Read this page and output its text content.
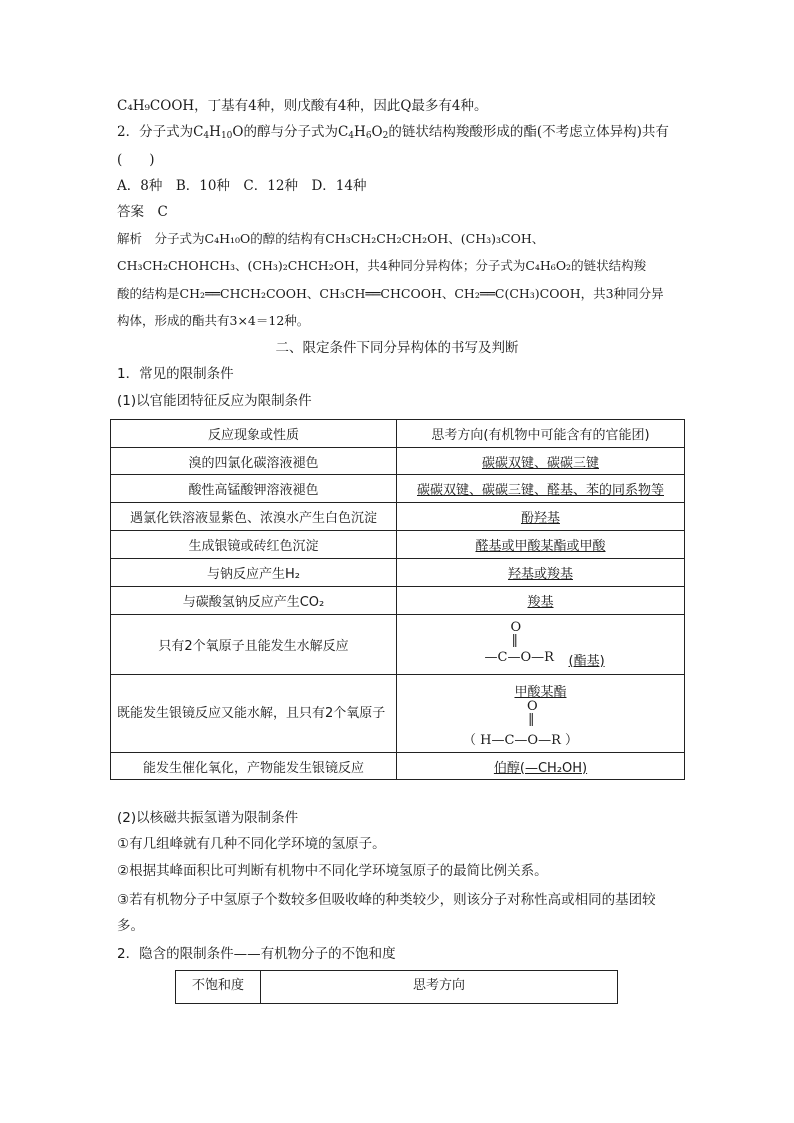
C₄H₉COOH，丁基有4种，则戊酸有4种，因此Q最多有4种。
2．分子式为$C_4H_{10}O$的醇与分子式为$C_4H_6O_2$的链状结构羧酸形成的酯(不考虑立体异构)共有
(　　)
A．8种　B．10种　C．12种　D．14种
答案　C
解析　分子式为C₄H₁₀O的醇的结构有CH₃CH₂CH₂CH₂OH、(CH₃)₃COH、
CH₃CH₂CHOHCH₃、(CH₃)₂CHCH₂OH，共4种同分异构体；分子式为C₄H₆O₂的链状结构羧
酸的结构是CH₂══CHCH₂COOH、CH₃CH══CHCOOH、CH₂══C(CH₃)COOH，共3种同分异
构体，形成的酯共有3×4＝12种。
二、限定条件下同分异构体的书写及判断
1．常见的限制条件
(1)以官能团特征反应为限制条件
反应现象或性质	思考方向(有机物中可能含有的官能团)
溴的四氯化碳溶液褪色	碳碳双键、碳碳三键
酸性高锰酸钾溶液褪色	碳碳双键、碳碳三键、醛基、苯的同系物等
遇氯化铁溶液显紫色、浓溴水产生白色沉淀	酚羟基
生成银镜或砖红色沉淀	醛基或甲酸某酯或甲酸
与钠反应产生H₂	羟基或羧基
与碳酸氢钠反应产生CO₂	羧基
只有2个氧原子且能发生水解反应	O
‖
—C—O—R (酯基)

既能发生银镜反应又能水解，且只有2个氧原子	甲酸某酯
O
‖
（ H—C—O—R ）

能发生催化氧化，产物能发生银镜反应	伯醇(—CH₂OH)
(2)以核磁共振氢谱为限制条件
①有几组峰就有几种不同化学环境的氢原子。
②根据其峰面积比可判断有机物中不同化学环境氢原子的最简比例关系。
③若有机物分子中氢原子个数较多但吸收峰的种类较少，则该分子对称性高或相同的基团较
多。
2．隐含的限制条件——有机物分子的不饱和度
不饱和度	思考方向
